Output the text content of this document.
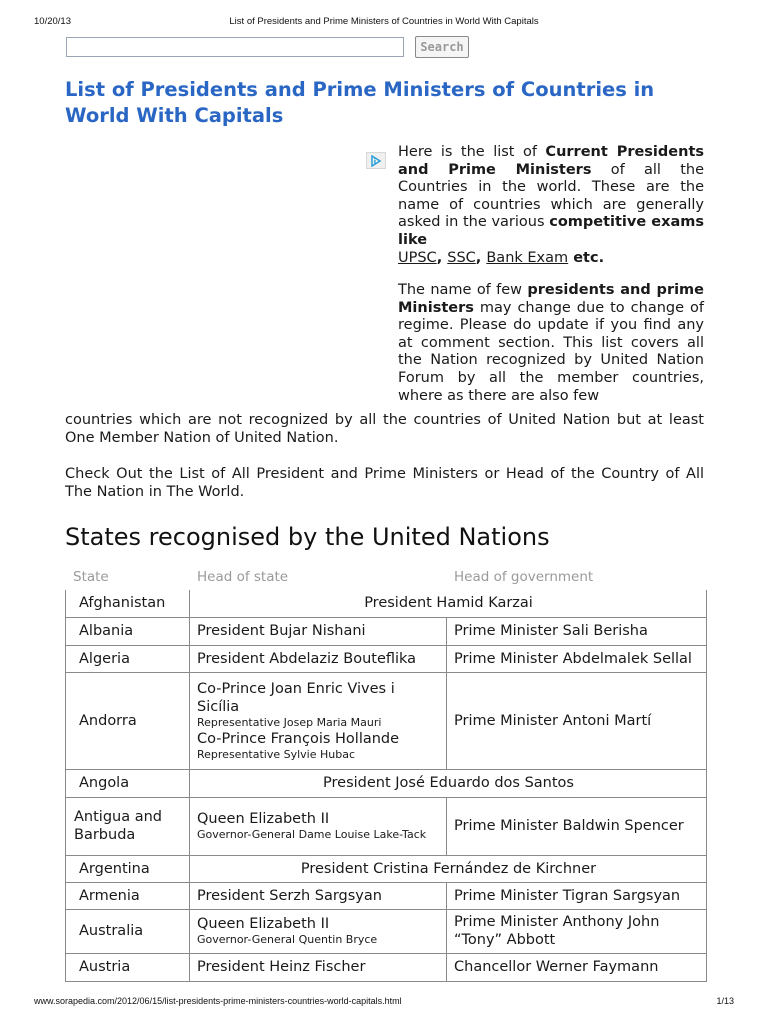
10/20/13	List of Presidents and Prime Ministers of Countries in World With Capitals
Search
List of Presidents and Prime Ministers of Countries in World With Capitals

Here is the list of Current Presidents and Prime Ministers of all the Countries in the world. These are the name of countries which are generally asked in the various competitive exams like
UPSC, SSC, Bank Exam etc.

The name of few presidents and prime Ministers may change due to change of regime. Please do update if you find any at comment section. This list covers all the Nation recognized by United Nation Forum by all the member countries, where as there are also few

countries which are not recognized by all the countries of United Nation but at least One Member Nation of United Nation.

Check Out the List of All President and Prime Ministers or Head of the Country of All The Nation in The World.

States recognised by the United Nations
State	Head of state	Head of government
Afghanistan	President Hamid Karzai	
Albania	President Bujar Nishani	Prime Minister Sali Berisha
Algeria	President Abdelaziz Bouteflika	Prime Minister Abdelmalek Sellal
Andorra	Co-Prince Joan Enric Vives i Sicília
Representative Josep Maria Mauri
Co-Prince François Hollande
Representative Sylvie Hubac	Prime Minister Antoni Martí
Angola	President José Eduardo dos Santos	
Antigua and Barbuda	Queen Elizabeth II
Governor-General Dame Louise Lake-Tack	Prime Minister Baldwin Spencer
Argentina	President Cristina Fernández de Kirchner	
Armenia	President Serzh Sargsyan	Prime Minister Tigran Sargsyan
Australia	Queen Elizabeth II
Governor-General Quentin Bryce	Prime Minister Anthony John “Tony” Abbott
Austria	President Heinz Fischer	Chancellor Werner Faymann
www.sorapedia.com/2012/06/15/list-presidents-prime-ministers-countries-world-capitals.html	1/13
